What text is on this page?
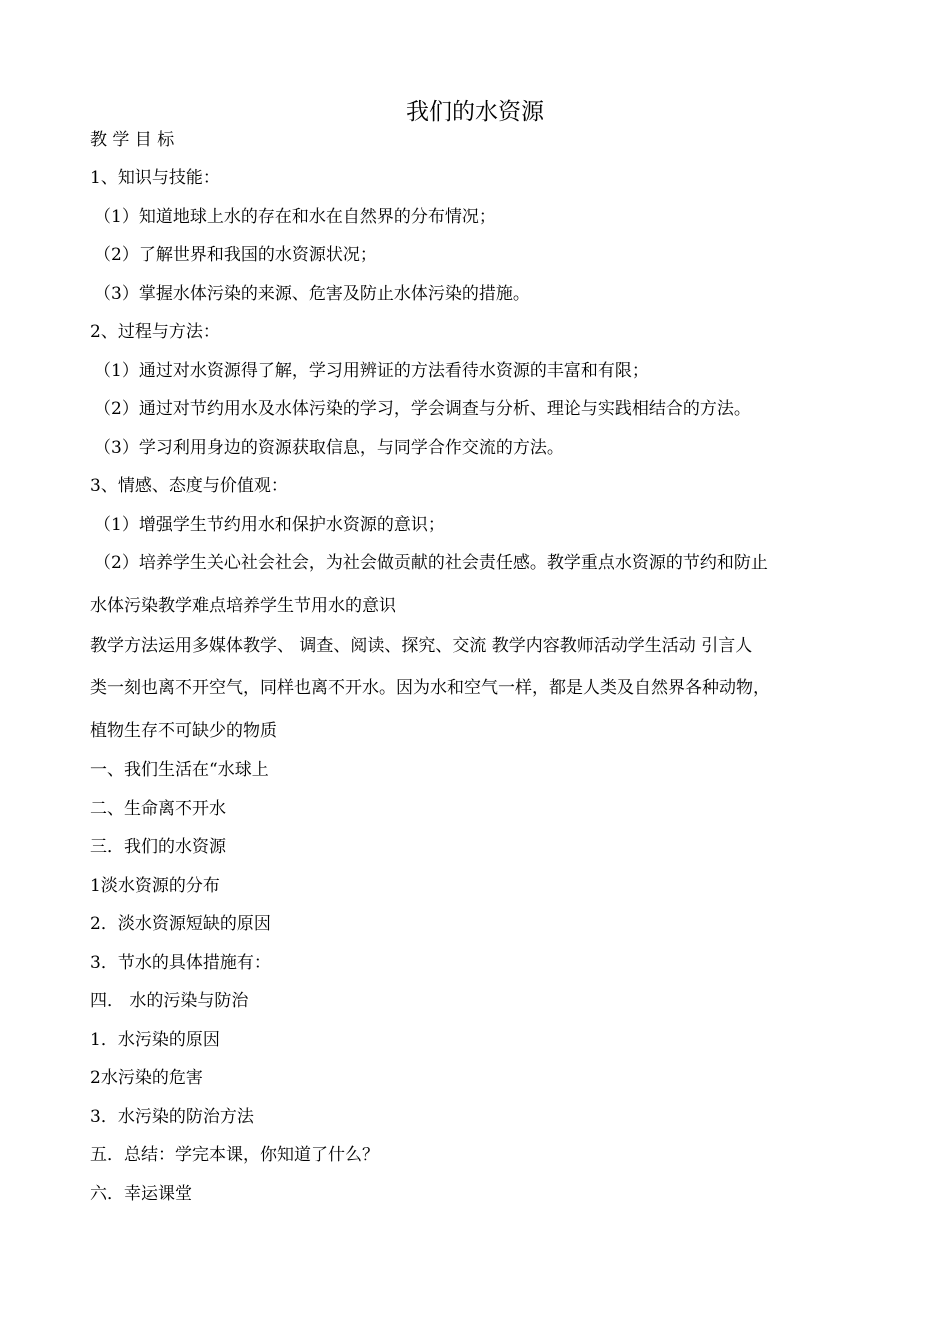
我们的水资源
教 学 目 标
1、知识与技能：
（1）知道地球上水的存在和水在自然界的分布情况；
（2）了解世界和我国的水资源状况；
（3）掌握水体污染的来源、危害及防止水体污染的措施。
2、过程与方法：
（1）通过对水资源得了解，学习用辨证的方法看待水资源的丰富和有限；
（2）通过对节约用水及水体污染的学习，学会调查与分析、理论与实践相结合的方法。
（3）学习利用身边的资源获取信息，与同学合作交流的方法。
3、情感、态度与价值观：
（1）增强学生节约用水和保护水资源的意识；
（2）培养学生关心社会社会，为社会做贡献的社会责任感。教学重点水资源的节约和防止
水体污染教学难点培养学生节用水的意识
教学方法运用多媒体教学、 调查、阅读、探究、交流 教学内容教师活动学生活动 引言人
类一刻也离不开空气，同样也离不开水。因为水和空气一样，都是人类及自然界各种动物，
植物生存不可缺少的物质
一、我们生活在“水球上
二、生命离不开水
三．我们的水资源
1淡水资源的分布
2．淡水资源短缺的原因
3．节水的具体措施有：
四． 水的污染与防治
1．水污染的原因
2水污染的危害
3．水污染的防治方法
五．总结：学完本课，你知道了什么？
六．幸运课堂
